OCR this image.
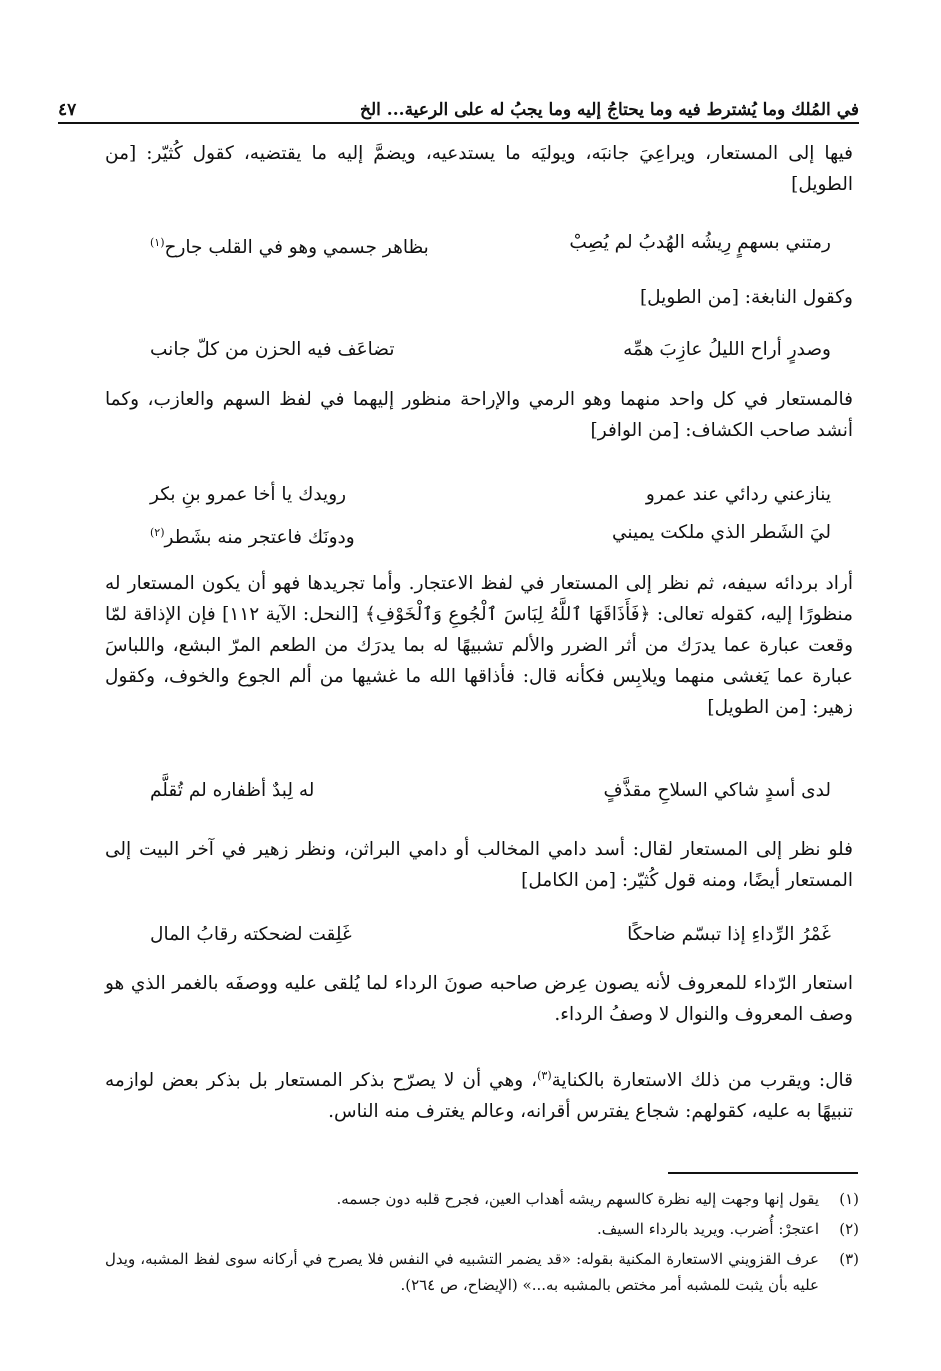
في المُلك وما يُشترط فيه وما يحتاجُ إليه وما يجبُ له على الرعية... الخ
٤٧

فيها إلى المستعار، ويراعِيَ جانبَه، ويوليَه ما يستدعيه، ويضمَّ إليه ما يقتضيه، كقول كُثيّر: [من الطويل]

رمتني بسهمٍ رِيشُه الهُدبُ لم يُصِبْ
بظاهر جسمي وهو في القلب جارح$^{(١)}$

وكقول النابغة: [من الطويل]

وصدرٍ أراح الليلُ عازِبَ همِّه
تضاعَف فيه الحزن من كلّ جانب

فالمستعار في كل واحد منهما وهو الرمي والإراحة منظور إليهما في لفظ السهم والعازب، وكما أنشد صاحب الكشاف: [من الوافر]

ينازعني ردائي عند عمرو
رويدك يا أخا عمرو بنِ بكر
ليَ الشَطر الذي ملكت يميني
ودونَك فاعتجر منه بشَطر$^{(٢)}$

أراد بردائه سيفه، ثم نظر إلى المستعار في لفظ الاعتجار. وأما تجريدها فهو أن يكون المستعار له منظورًا إليه، كقوله تعالى: ﴿فَأَذَاقَهَا ٱللَّهُ لِبَاسَ ٱلْجُوعِ وَٱلْخَوْفِ﴾ [النحل: الآية ١١٢] فإن الإذاقة لمّا وقعت عبارة عما يدرَك من أثر الضرر والألم تشبيهًا له بما يدرَك من الطعم المرّ البشع، واللباسَ عبارة عما يَغشى منهما ويلابِس فكأنه قال: فأذاقها الله ما غشيها من ألم الجوع والخوف، وكقول زهير: [من الطويل]

لدى أسدٍ شاكي السلاحِ مقذَّفٍ
له لِبدٌ أظفاره لم تُقلَّم

فلو نظر إلى المستعار لقال: أسد دامي المخالب أو دامي البراثن، ونظر زهير في آخر البيت إلى المستعار أيضًا، ومنه قول كُثيّر: [من الكامل]

غَمْرُ الرِّداءِ إذا تبسّم ضاحكًا
غَلِقت لضحكته رقابُ المال

استعار الرّداء للمعروف لأنه يصون عِرض صاحبه صونَ الرداء لما يُلقى عليه ووصفَه بالغمر الذي هو وصف المعروف والنوال لا وصفُ الرداء.

قال: ويقرب من ذلك الاستعارة بالكناية$^{(٣)}$، وهي أن لا يصرّح بذكر المستعار بل بذكر بعض لوازمه تنبيهًا به عليه، كقولهم: شجاع يفترس أقرانه، وعالم يغترف منه الناس.

(١)
يقول إنها وجهت إليه نظرة كالسهم ريشه أهداب العين، فجرح قلبه دون جسمه.
(٢)
اعتجرْ: أُضرب. ويريد بالرداء السيف.
(٣)
عرف القزويني الاستعارة المكنية بقوله: «قد يضمر التشبيه في النفس فلا يصرح في أركانه سوى لفظ المشبه، ويدل عليه بأن يثبت للمشبه أمر مختص بالمشبه به...» (الإيضاح، ص ٢٦٤).
